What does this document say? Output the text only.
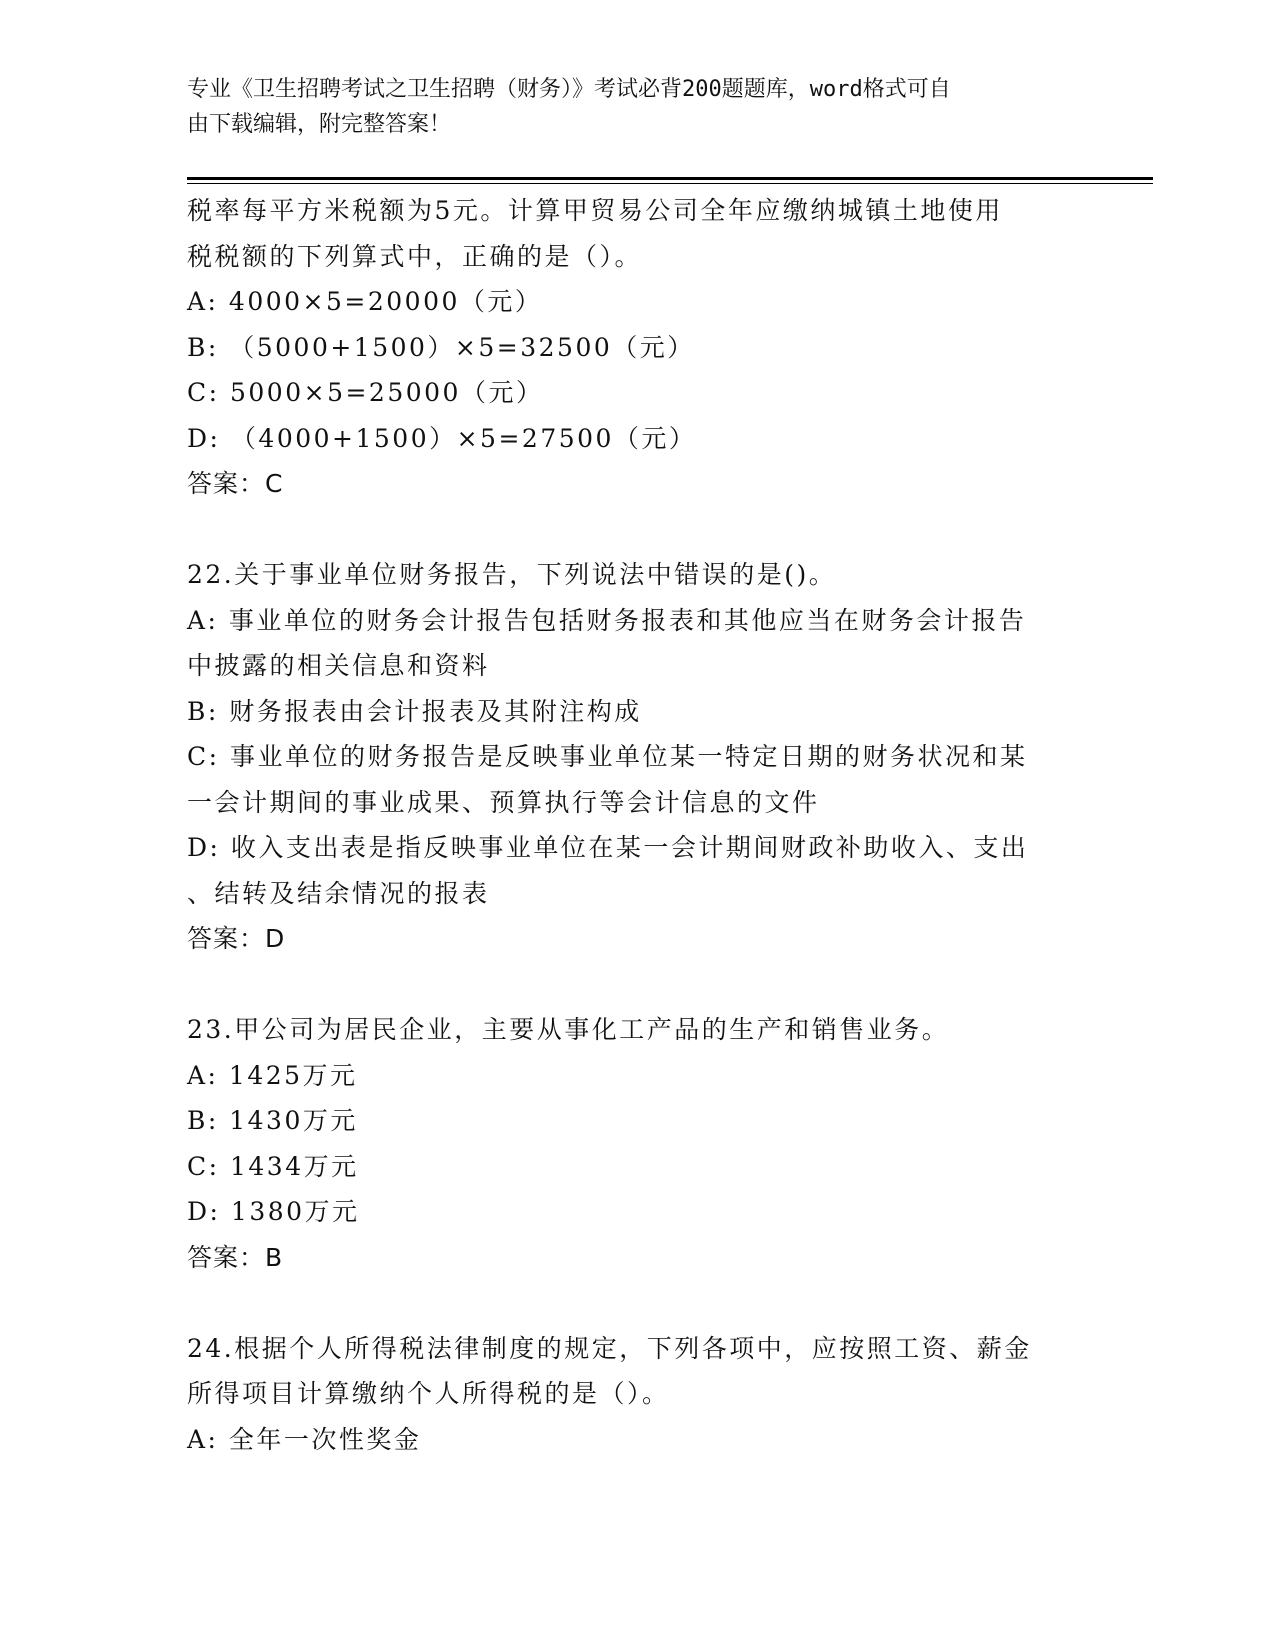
专业《卫生招聘考试之卫生招聘（财务）》考试必背200题题库，word格式可自
由下载编辑，附完整答案！
税率每平方米税额为5元。计算甲贸易公司全年应缴纳城镇土地使用
税税额的下列算式中，正确的是（）。
A: 4000×5=20000（元）
B: （5000+1500）×5=32500（元）
C: 5000×5=25000（元）
D: （4000+1500）×5=27500（元）
答案：C
22.关于事业单位财务报告，下列说法中错误的是()。
A: 事业单位的财务会计报告包括财务报表和其他应当在财务会计报告
中披露的相关信息和资料
B: 财务报表由会计报表及其附注构成
C: 事业单位的财务报告是反映事业单位某一特定日期的财务状况和某
一会计期间的事业成果、预算执行等会计信息的文件
D: 收入支出表是指反映事业单位在某一会计期间财政补助收入、支出
、结转及结余情况的报表
答案：D
23.甲公司为居民企业，主要从事化工产品的生产和销售业务。
A: 1425万元
B: 1430万元
C: 1434万元
D: 1380万元
答案：B
24.根据个人所得税法律制度的规定，下列各项中，应按照工资、薪金
所得项目计算缴纳个人所得税的是（）。
A: 全年一次性奖金
